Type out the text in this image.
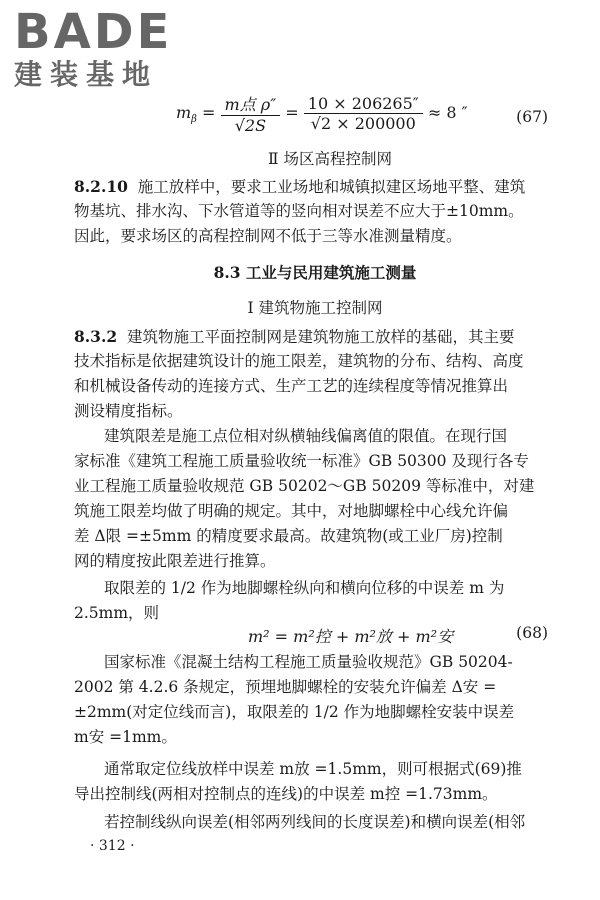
BADE
建装基地
$m_\beta = \frac{\text{m点 ρ″}}{√2S} = \frac{10 \times 206265''}{√2 \times 200000} \approx 8$ ″	(67)
Ⅱ 场区高程控制网
8.2.10 施工放样中，要求工业场地和城镇拟建区场地平整、建筑
物基坑、排水沟、下水管道等的竖向相对误差不应大于±10mm。
因此，要求场区的高程控制网不低于三等水准测量精度。
8.3 工业与民用建筑施工测量
Ⅰ 建筑物施工控制网
8.3.2 建筑物施工平面控制网是建筑物施工放样的基础，其主要
技术指标是依据建筑设计的施工限差，建筑物的分布、结构、高度
和机械设备传动的连接方式、生产工艺的连续程度等情况推算出
测设精度指标。
建筑限差是施工点位相对纵横轴线偏离值的限值。在现行国
家标准《建筑工程施工质量验收统一标准》GB 50300 及现行各专
业工程施工质量验收规范 GB 50202～GB 50209 等标准中，对建
筑施工限差均做了明确的规定。其中，对地脚螺栓中心线允许偏
差 Δ限 =±5mm 的精度要求最高。故建筑物(或工业厂房)控制
网的精度按此限差进行推算。
取限差的 1/2 作为地脚螺栓纵向和横向位移的中误差 m 为
2.5mm，则
m² = m²控 + m²放 + m²安	(68)
国家标准《混凝土结构工程施工质量验收规范》GB 50204-
2002 第 4.2.6 条规定，预埋地脚螺栓的安装允许偏差 Δ安 =
±2mm(对定位线而言)，取限差的 1/2 作为地脚螺栓安装中误差
m安 =1mm。
通常取定位线放样中误差 m放 =1.5mm，则可根据式(69)推
导出控制线(两相对控制点的连线)的中误差 m控 =1.73mm。
若控制线纵向误差(相邻两列线间的长度误差)和横向误差(相邻
· 312 ·
